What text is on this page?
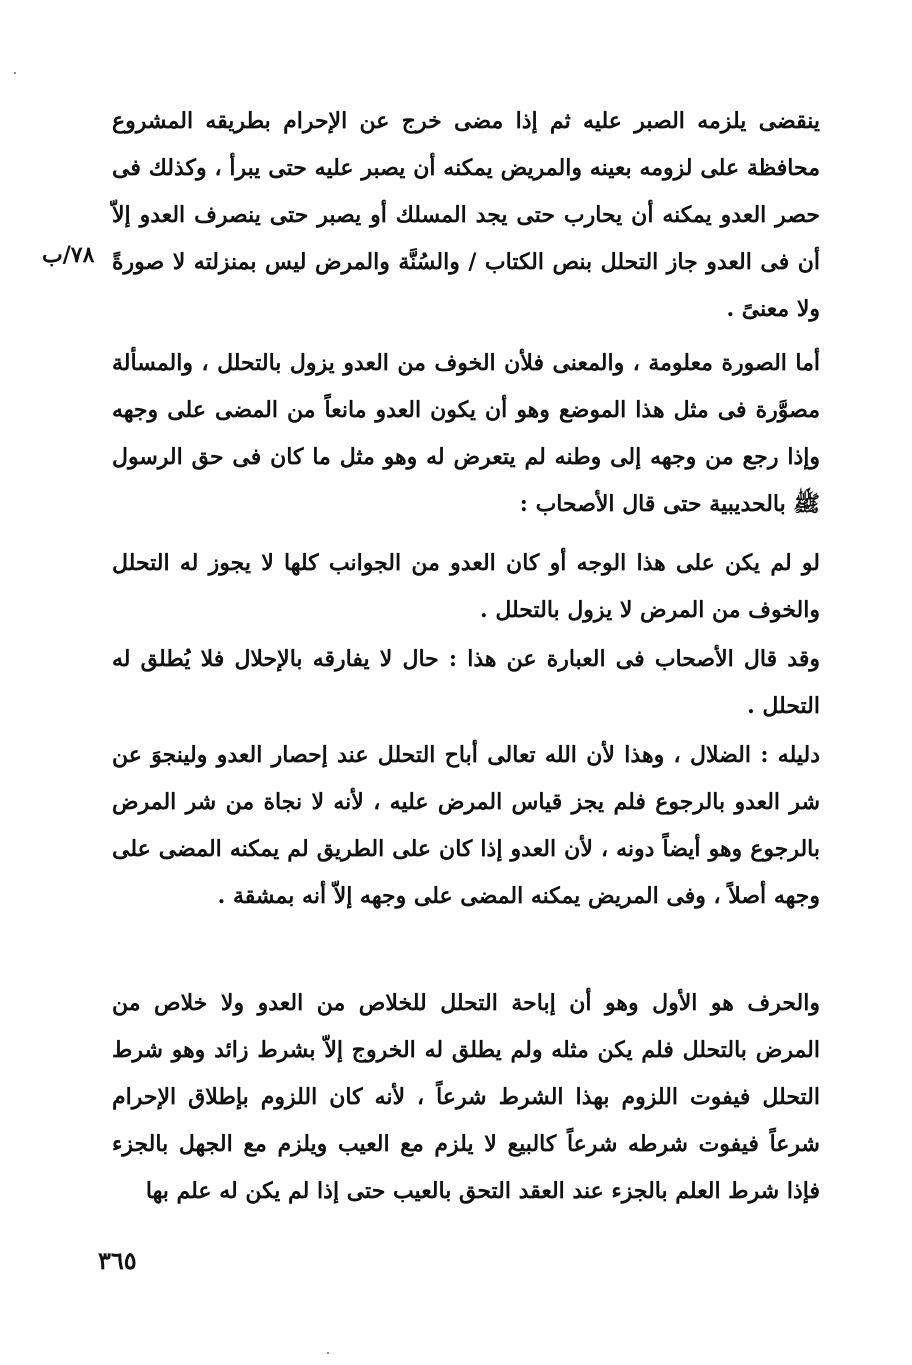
ينقضى يلزمه الصبر عليه ثم إذا مضى خرج عن الإحرام بطريقه المشروع محافظة على لزومه بعينه والمريض يمكنه أن يصبر عليه حتى يبرأ ، وكذلك فى حصر العدو يمكنه أن يحارب حتى يجد المسلك أو يصبر حتى ينصرف العدو إلاّ أن فى العدو جاز التحلل بنص الكتاب / والسُنَّة والمرض ليس بمنزلته لا صورةً ولا معنىً .
٧٨/ب
أما الصورة معلومة ، والمعنى فلأن الخوف من العدو يزول بالتحلل ، والمسألة مصوَّرة فى مثل هذا الموضع وهو أن يكون العدو مانعاً من المضى على وجهه وإذا رجع من وجهه إلى وطنه لم يتعرض له وهو مثل ما كان فى حق الرسول ﷺ بالحديبية حتى قال الأصحاب :
لو لم يكن على هذا الوجه أو كان العدو من الجوانب كلها لا يجوز له التحلل والخوف من المرض لا يزول بالتحلل .
وقد قال الأصحاب فى العبارة عن هذا : حال لا يفارقه بالإحلال فلا يُطلق له التحلل .
دليله : الضلال ، وهذا لأن الله تعالى أباح التحلل عند إحصار العدو ولينجوَ عن شر العدو بالرجوع فلم يجز قياس المرض عليه ، لأنه لا نجاة من شر المرض بالرجوع وهو أيضاً دونه ، لأن العدو إذا كان على الطريق لم يمكنه المضى على وجهه أصلاً ، وفى المريض يمكنه المضى على وجهه إلاّ أنه بمشقة .
والحرف هو الأول وهو أن إباحة التحلل للخلاص من العدو ولا خلاص من المرض بالتحلل فلم يكن مثله ولم يطلق له الخروج إلاّ بشرط زائد وهو شرط التحلل فيفوت اللزوم بهذا الشرط شرعاً ، لأنه كان اللزوم بإطلاق الإحرام شرعاً فيفوت شرطه شرعاً كالبيع لا يلزم مع العيب ويلزم مع الجهل بالجزء فإذا شرط العلم بالجزء عند العقد التحق بالعيب حتى إذا لم يكن له علم بها
٣٦٥
